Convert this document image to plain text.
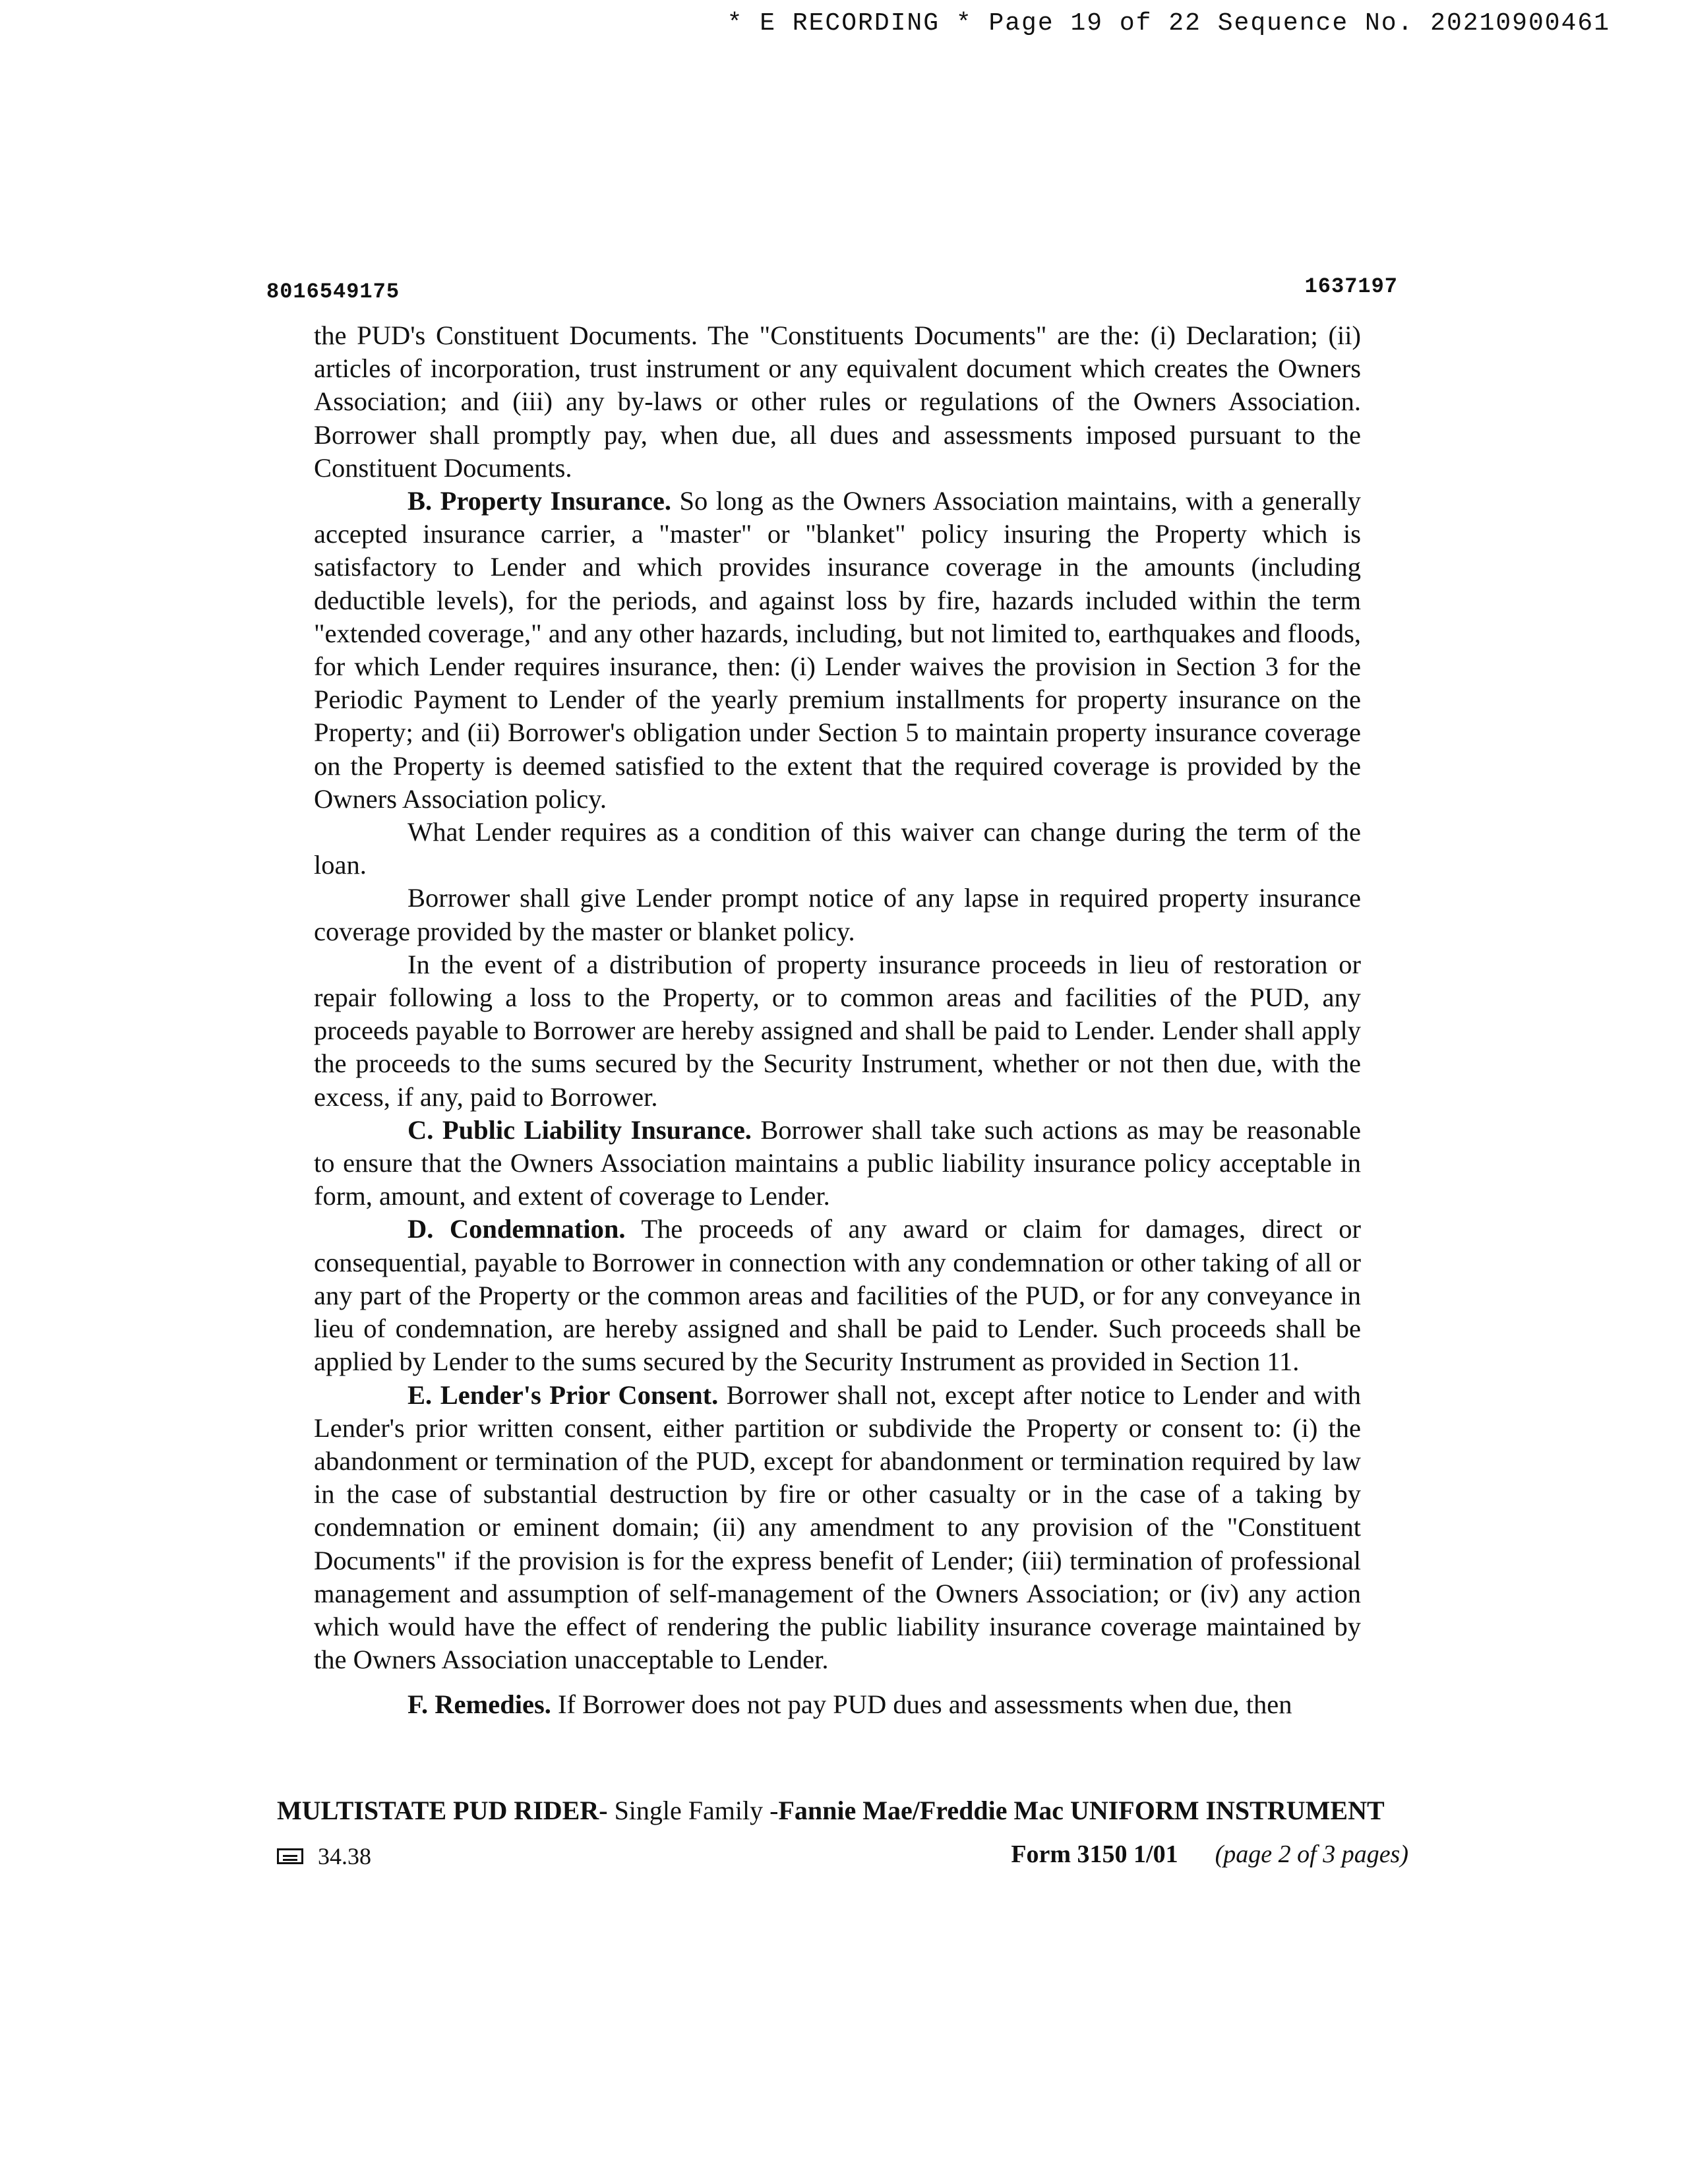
* E RECORDING * Page 19 of 22 Sequence No. 20210900461
8016549175	1637197

the PUD's Constituent Documents. The "Constituents Documents" are the: (i) Declaration; (ii) articles of incorporation, trust instrument or any equivalent document which creates the Owners Association; and (iii) any by-laws or other rules or regulations of the Owners Association. Borrower shall promptly pay, when due, all dues and assessments imposed pursuant to the Constituent Documents.

B. Property Insurance. So long as the Owners Association maintains, with a generally accepted insurance carrier, a "master" or "blanket" policy insuring the Property which is satisfactory to Lender and which provides insurance coverage in the amounts (including deductible levels), for the periods, and against loss by fire, hazards included within the term "extended coverage," and any other hazards, including, but not limited to, earthquakes and floods, for which Lender requires insurance, then: (i) Lender waives the provision in Section 3 for the Periodic Payment to Lender of the yearly premium installments for property insurance on the Property; and (ii) Borrower's obligation under Section 5 to maintain property insurance coverage on the Property is deemed satisfied to the extent that the required coverage is provided by the Owners Association policy.

What Lender requires as a condition of this waiver can change during the term of the loan.

Borrower shall give Lender prompt notice of any lapse in required property insurance coverage provided by the master or blanket policy.

In the event of a distribution of property insurance proceeds in lieu of restoration or repair following a loss to the Property, or to common areas and facilities of the PUD, any proceeds payable to Borrower are hereby assigned and shall be paid to Lender. Lender shall apply the proceeds to the sums secured by the Security Instrument, whether or not then due, with the excess, if any, paid to Borrower.

C. Public Liability Insurance. Borrower shall take such actions as may be reasonable to ensure that the Owners Association maintains a public liability insurance policy acceptable in form, amount, and extent of coverage to Lender.

D. Condemnation. The proceeds of any award or claim for damages, direct or consequential, payable to Borrower in connection with any condemnation or other taking of all or any part of the Property or the common areas and facilities of the PUD, or for any conveyance in lieu of condemnation, are hereby assigned and shall be paid to Lender. Such proceeds shall be applied by Lender to the sums secured by the Security Instrument as provided in Section 11.

E. Lender's Prior Consent. Borrower shall not, except after notice to Lender and with Lender's prior written consent, either partition or subdivide the Property or consent to: (i) the abandonment or termination of the PUD, except for abandonment or termination required by law in the case of substantial destruction by fire or other casualty or in the case of a taking by condemnation or eminent domain; (ii) any amendment to any provision of the "Constituent Documents" if the provision is for the express benefit of Lender; (iii) termination of professional management and assumption of self-management of the Owners Association; or (iv) any action which would have the effect of rendering the public liability insurance coverage maintained by the Owners Association unacceptable to Lender.

F. Remedies. If Borrower does not pay PUD dues and assessments when due, then

MULTISTATE PUD RIDER- Single Family -Fannie Mae/Freddie Mac UNIFORM INSTRUMENT
34.38	Form 3150 1/01 (page 2 of 3 pages)
